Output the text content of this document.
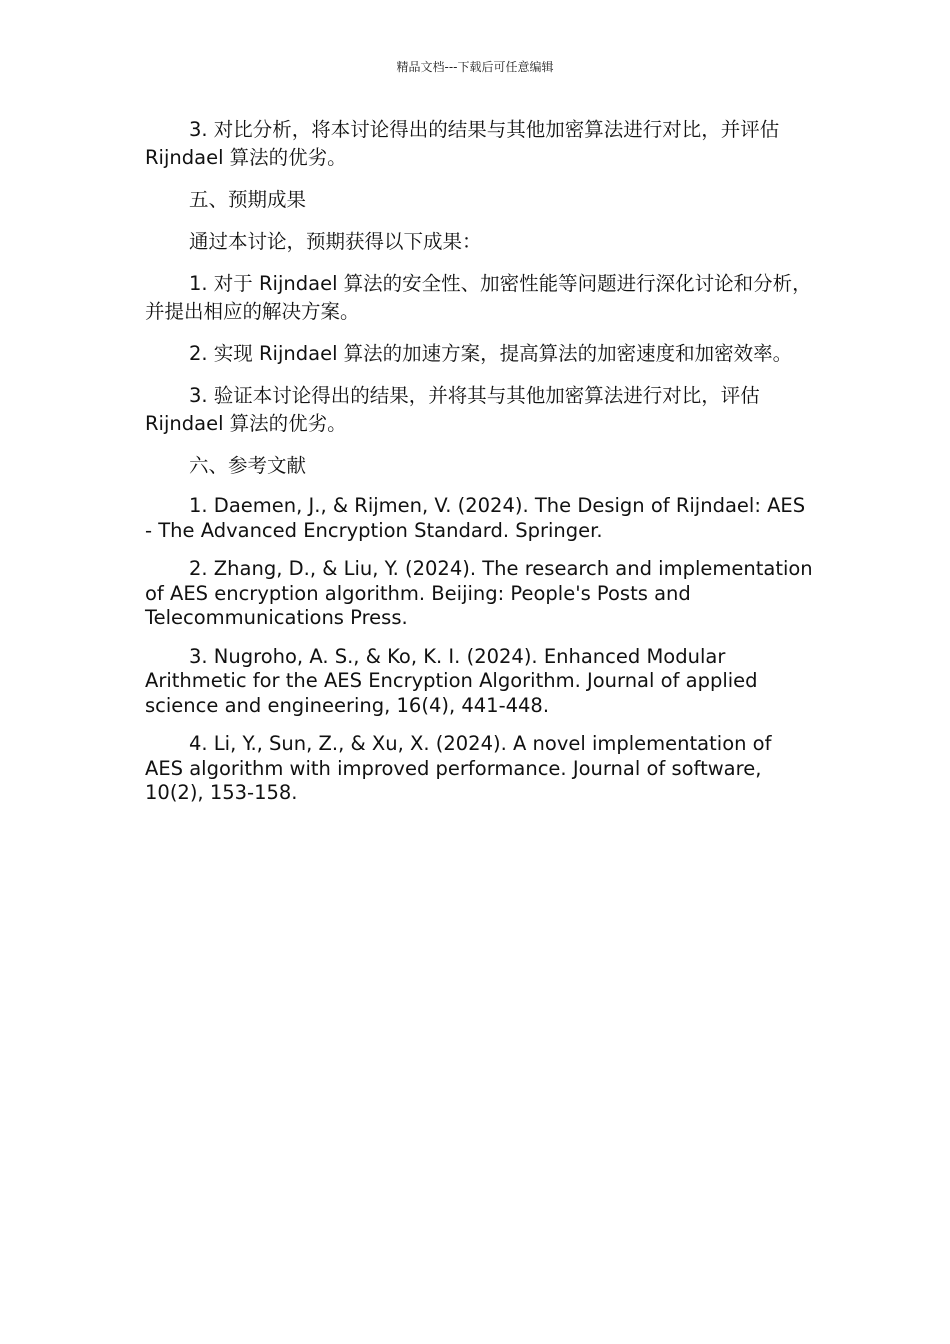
精品文档---下载后可任意编辑

3. 对比分析，将本讨论得出的结果与其他加密算法进行对比，并评估 Rijndael 算法的优劣。

五、预期成果

通过本讨论，预期获得以下成果：

1. 对于 Rijndael 算法的安全性、加密性能等问题进行深化讨论和分析，并提出相应的解决方案。

2. 实现 Rijndael 算法的加速方案，提高算法的加密速度和加密效率。

3. 验证本讨论得出的结果，并将其与其他加密算法进行对比，评估 Rijndael 算法的优劣。

六、参考文献

1. Daemen, J., & Rijmen, V. (2024). The Design of Rijndael: AES - The Advanced Encryption Standard. Springer.

2. Zhang, D., & Liu, Y. (2024). The research and implementation of AES encryption algorithm. Beijing: People's Posts and Telecommunications Press.

3. Nugroho, A. S., & Ko, K. I. (2024). Enhanced Modular Arithmetic for the AES Encryption Algorithm. Journal of applied science and engineering, 16(4), 441-448.

4. Li, Y., Sun, Z., & Xu, X. (2024). A novel implementation of AES algorithm with improved performance. Journal of software, 10(2), 153-158.
